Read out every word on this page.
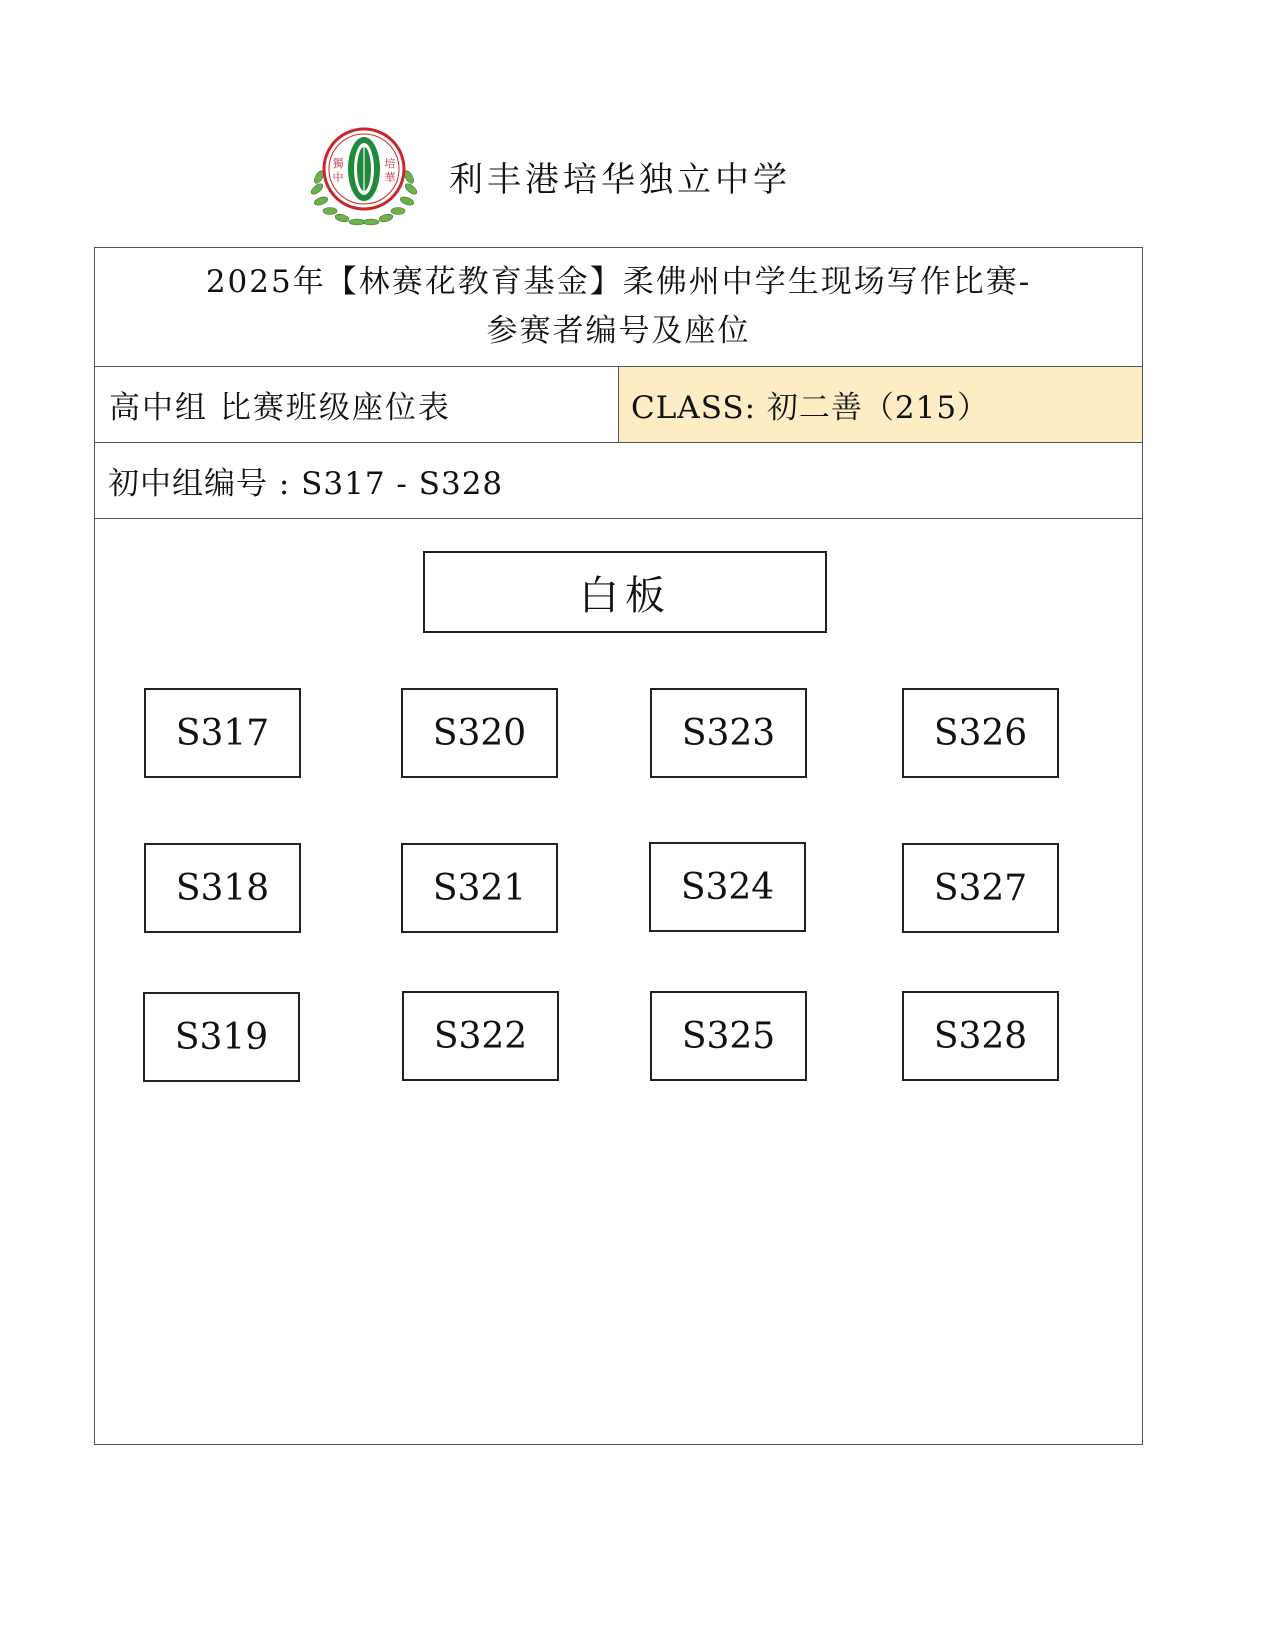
獨
中
培
華 利丰港培华独立中学
2025年【林赛花教育基金】柔佛州中学生现场写作比赛-
参赛者编号及座位
高中组 比赛班级座位表	CLASS: 初二善（215）
初中组编号 : S317 - S328
白板
S317
S318
S319
S320
S321
S322
S323
S324
S325
S326
S327
S328
